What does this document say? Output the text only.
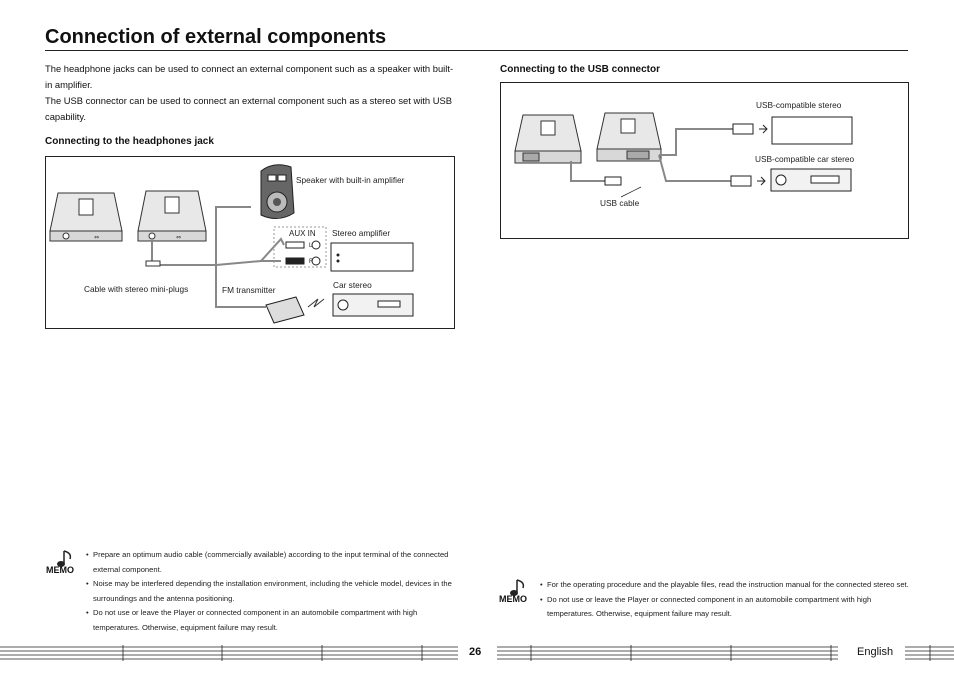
Connection of external components

The headphone jacks can be used to connect an external component such as a speaker with built-in amplifier.

The USB connector can be used to connect an external component such as a stereo set with USB capability.

Connecting to the headphones jack
⇔	⇔
Speaker with built-in amplifier
AUX IN
L
R
Stereo amplifier
Cable with stereo mini-plugs	FM transmitter	Car stereo
Connecting to the USB connector
USB-compatible stereo
USB-compatible car stereo
USB cable
MEMO
• Prepare an optimum audio cable (commercially available) according to the input terminal of the connected external component.
• Noise may be interfered depending the installation environment, including the vehicle model, devices in the surroundings and the antenna positioning.
• Do not use or leave the Player or connected component in an automobile compartment with high temperatures. Otherwise, equipment failure may result.
MEMO
• For the operating procedure and the playable files, read the instruction manual for the connected stereo set.
• Do not use or leave the Player or connected component in an automobile compartment with high temperatures. Otherwise, equipment failure may result.
26	English
